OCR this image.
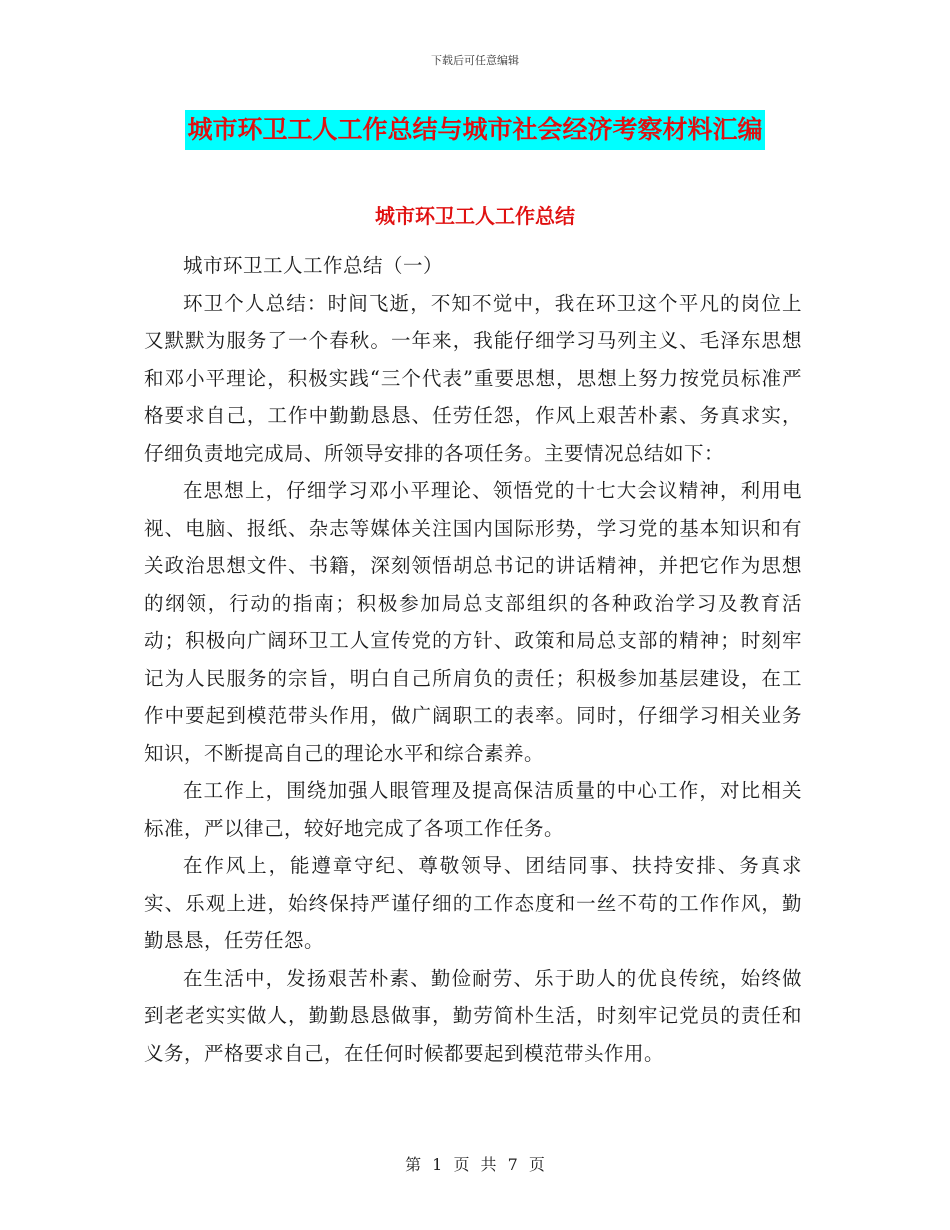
下载后可任意编辑
城市环卫工人工作总结与城市社会经济考察材料汇编
城市环卫工人工作总结

城市环卫工人工作总结（一）

环卫个人总结：时间飞逝，不知不觉中，我在环卫这个平凡的岗位上又默默为服务了一个春秋。一年来，我能仔细学习马列主义、毛泽东思想和邓小平理论，积极实践“三个代表”重要思想，思想上努力按党员标准严格要求自己，工作中勤勤恳恳、任劳任怨，作风上艰苦朴素、务真求实，仔细负责地完成局、所领导安排的各项任务。主要情况总结如下：

在思想上，仔细学习邓小平理论、领悟党的十七大会议精神，利用电视、电脑、报纸、杂志等媒体关注国内国际形势，学习党的基本知识和有关政治思想文件、书籍，深刻领悟胡总书记的讲话精神，并把它作为思想的纲领，行动的指南；积极参加局总支部组织的各种政治学习及教育活动；积极向广阔环卫工人宣传党的方针、政策和局总支部的精神；时刻牢记为人民服务的宗旨，明白自己所肩负的责任；积极参加基层建设，在工作中要起到模范带头作用，做广阔职工的表率。同时，仔细学习相关业务知识，不断提高自己的理论水平和综合素养。

在工作上，围绕加强人眼管理及提高保洁质量的中心工作，对比相关标准，严以律己，较好地完成了各项工作任务。

在作风上，能遵章守纪、尊敬领导、团结同事、扶持安排、务真求实、乐观上进，始终保持严谨仔细的工作态度和一丝不苟的工作作风，勤勤恳恳，任劳任怨。

在生活中，发扬艰苦朴素、勤俭耐劳、乐于助人的优良传统，始终做到老老实实做人，勤勤恳恳做事，勤劳简朴生活，时刻牢记党员的责任和义务，严格要求自己，在任何时候都要起到模范带头作用。

第 1 页 共 7 页
